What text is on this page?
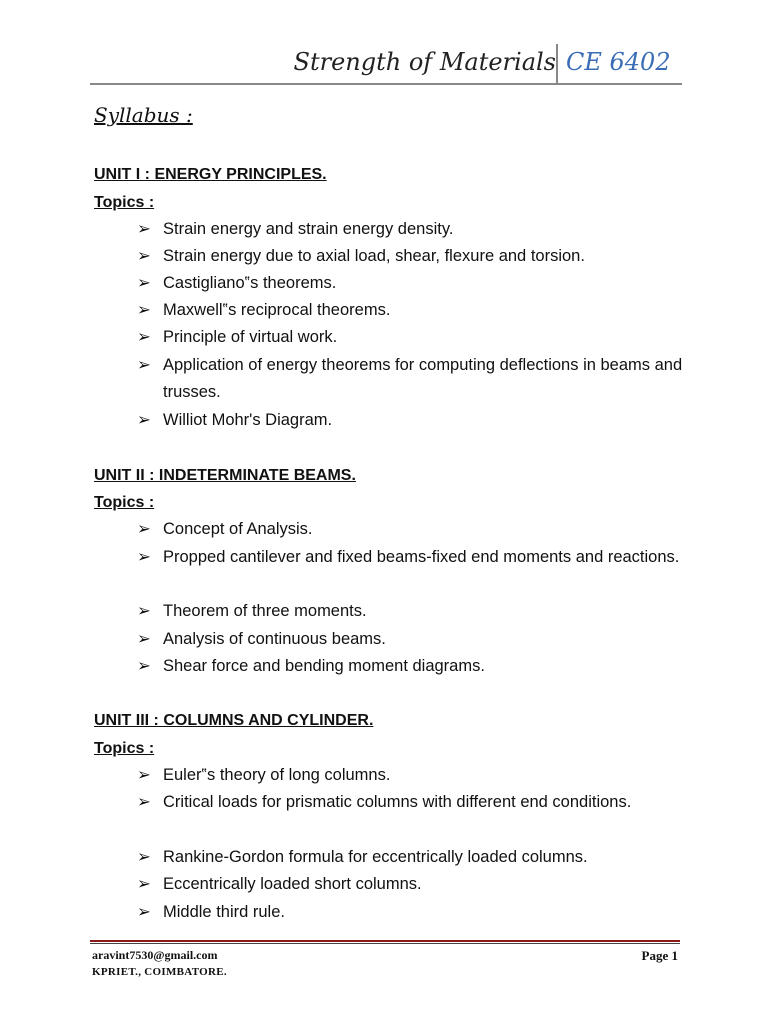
Strength of Materials CE 6402
Syllabus :
UNIT I : ENERGY PRINCIPLES.
Topics :
➢ Strain energy and strain energy density.
➢ Strain energy due to axial load, shear, flexure and torsion.
➢ Castigliano‟s theorems.
➢ Maxwell‟s reciprocal theorems.
➢ Principle of virtual work.
➢ Application of energy theorems for computing deflections in beams and trusses.
➢ Williot Mohr's Diagram.
UNIT II : INDETERMINATE BEAMS.
Topics :
➢ Concept of Analysis.
➢ Propped cantilever and fixed beams-fixed end moments and reactions.
➢ Theorem of three moments.
➢ Analysis of continuous beams.
➢ Shear force and bending moment diagrams.
UNIT III : COLUMNS AND CYLINDER.
Topics :
➢ Euler‟s theory of long columns.
➢ Critical loads for prismatic columns with different end conditions.
➢ Rankine-Gordon formula for eccentrically loaded columns.
➢ Eccentrically loaded short columns.
➢ Middle third rule.
aravint7530@gmail.com	Page 1
KPRIET., COIMBATORE.
